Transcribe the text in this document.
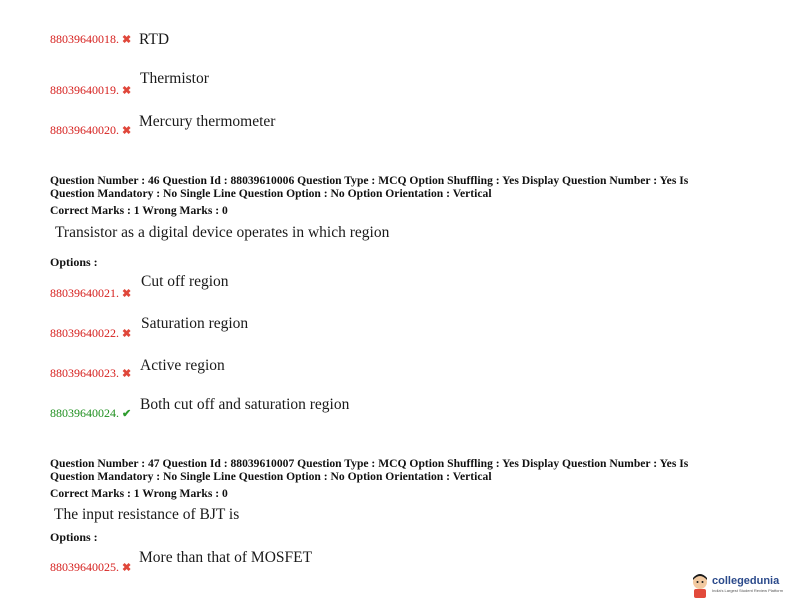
88039640018. ✖ RTD
88039640019. ✖
Thermistor
88039640020. ✖
Mercury thermometer
Question Number : 46 Question Id : 88039610006 Question Type : MCQ Option Shuffling : Yes Display Question Number : Yes Is
Question Mandatory : No Single Line Question Option : No Option Orientation : Vertical
Correct Marks : 1 Wrong Marks : 0
Transistor as a digital device operates in which region
Options :
88039640021. ✖
Cut off region
88039640022. ✖
Saturation region
88039640023. ✖ Active region
88039640024. ✔
Both cut off and saturation region
Question Number : 47 Question Id : 88039610007 Question Type : MCQ Option Shuffling : Yes Display Question Number : Yes Is
Question Mandatory : No Single Line Question Option : No Option Orientation : Vertical
Correct Marks : 1 Wrong Marks : 0
The input resistance of BJT is
Options :
88039640025. ✖
More than that of MOSFET
collegedunia
India's Largest Student Review Platform
